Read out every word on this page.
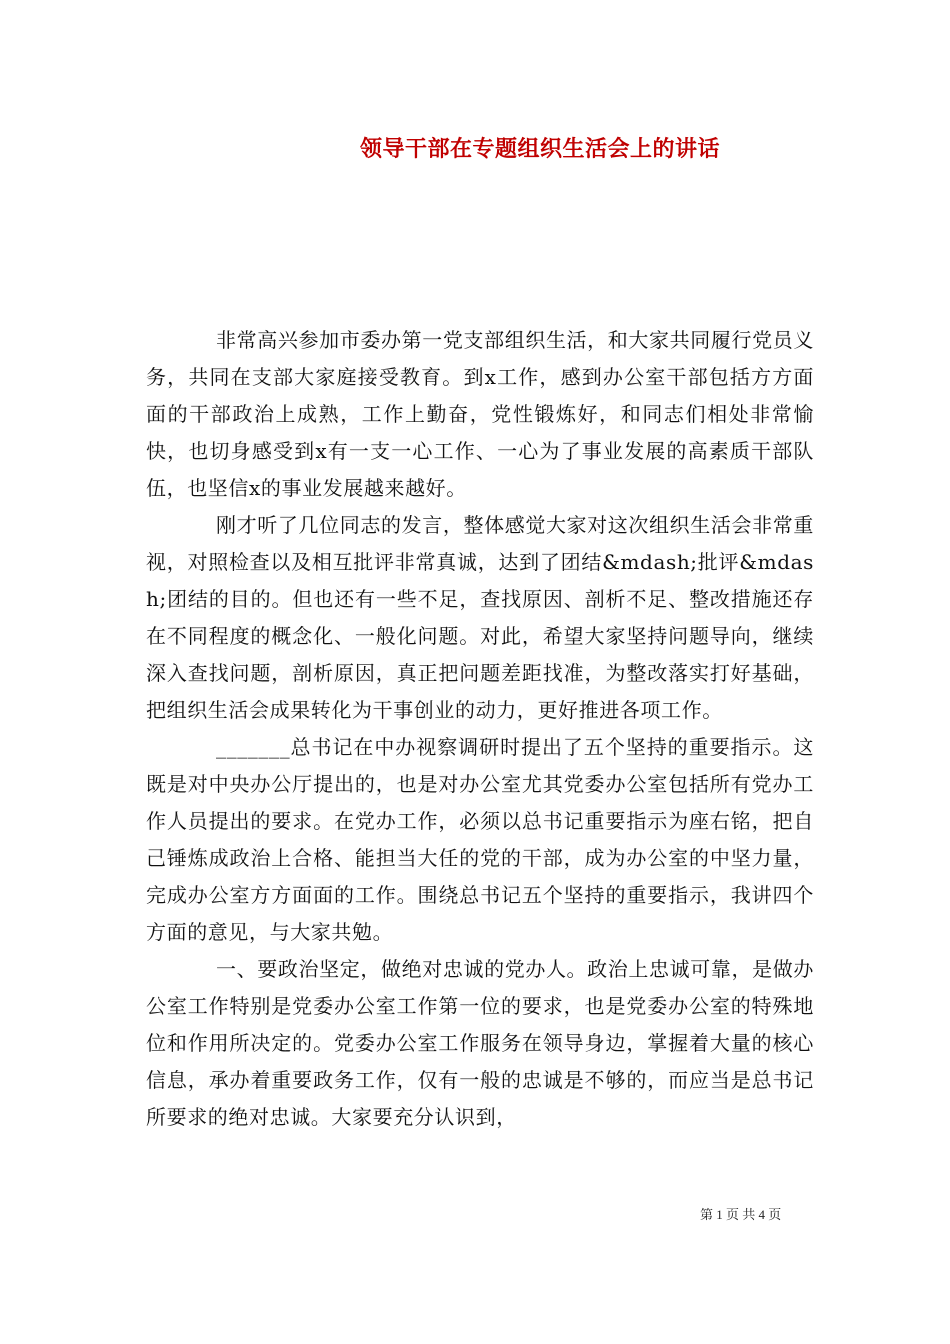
领导干部在专题组织生活会上的讲话

非常高兴参加市委办第一党支部组织生活，和大家共同履行党员义务，共同在支部大家庭接受教育。到x工作，感到办公室干部包括方方面面的干部政治上成熟，工作上勤奋，党性锻炼好，和同志们相处非常愉快，也切身感受到x有一支一心工作、一心为了事业发展的高素质干部队伍，也坚信x的事业发展越来越好。

刚才听了几位同志的发言，整体感觉大家对这次组织生活会非常重视，对照检查以及相互批评非常真诚，达到了团结&mdash;批评&mdash;团结的目的。但也还有一些不足，查找原因、剖析不足、整改措施还存在不同程度的概念化、一般化问题。对此，希望大家坚持问题导向，继续深入查找问题，剖析原因，真正把问题差距找准，为整改落实打好基础，把组织生活会成果转化为干事创业的动力，更好推进各项工作。

_______总书记在中办视察调研时提出了五个坚持的重要指示。这既是对中央办公厅提出的，也是对办公室尤其党委办公室包括所有党办工作人员提出的要求。在党办工作，必须以总书记重要指示为座右铭，把自己锤炼成政治上合格、能担当大任的党的干部，成为办公室的中坚力量，完成办公室方方面面的工作。围绕总书记五个坚持的重要指示，我讲四个方面的意见，与大家共勉。

一、要政治坚定，做绝对忠诚的党办人。政治上忠诚可靠，是做办公室工作特别是党委办公室工作第一位的要求，也是党委办公室的特殊地位和作用所决定的。党委办公室工作服务在领导身边，掌握着大量的核心信息，承办着重要政务工作，仅有一般的忠诚是不够的，而应当是总书记所要求的绝对忠诚。大家要充分认识到，

第 1 页 共 4 页
